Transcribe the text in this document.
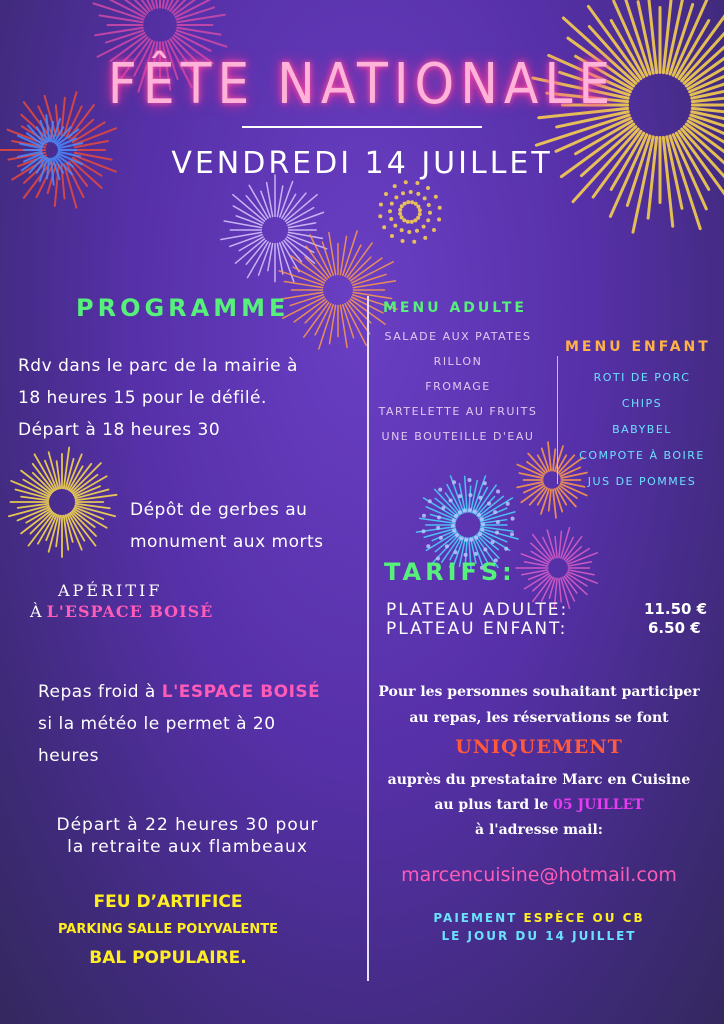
FÊTE NATIONALE
VENDREDI 14 JUILLET
PROGRAMME
Rdv dans le parc de la mairie à
18 heures 15 pour le défilé.
Départ à 18 heures 30
Dépôt de gerbes au
monument aux morts
APÉRITIF
À L'ESPACE BOISÉ
Repas froid à L'ESPACE BOISÉ
si la météo le permet à 20
heures
Départ à 22 heures 30 pour
la retraite aux flambeaux
FEU D’ARTIFICE
PARKING SALLE POLYVALENTE
BAL POPULAIRE.
MENU ADULTE
SALADE AUX PATATES
RILLON
FROMAGE
TARTELETTE AU FRUITS
UNE BOUTEILLE D'EAU
MENU ENFANT
ROTI DE PORC
CHIPS
BABYBEL
COMPOTE À BOIRE
JUS DE POMMES
TARIFS:
PLATEAU ADULTE:	11.50 €
PLATEAU ENFANT:	6.50 €
Pour les personnes souhaitant participer
au repas, les réservations se font
UNIQUEMENT
auprès du prestataire Marc en Cuisine
au plus tard le 05 JUILLET
à l'adresse mail:
marcencuisine@hotmail.com
PAIEMENT ESPÈCE OU CB
LE JOUR DU 14 JUILLET
